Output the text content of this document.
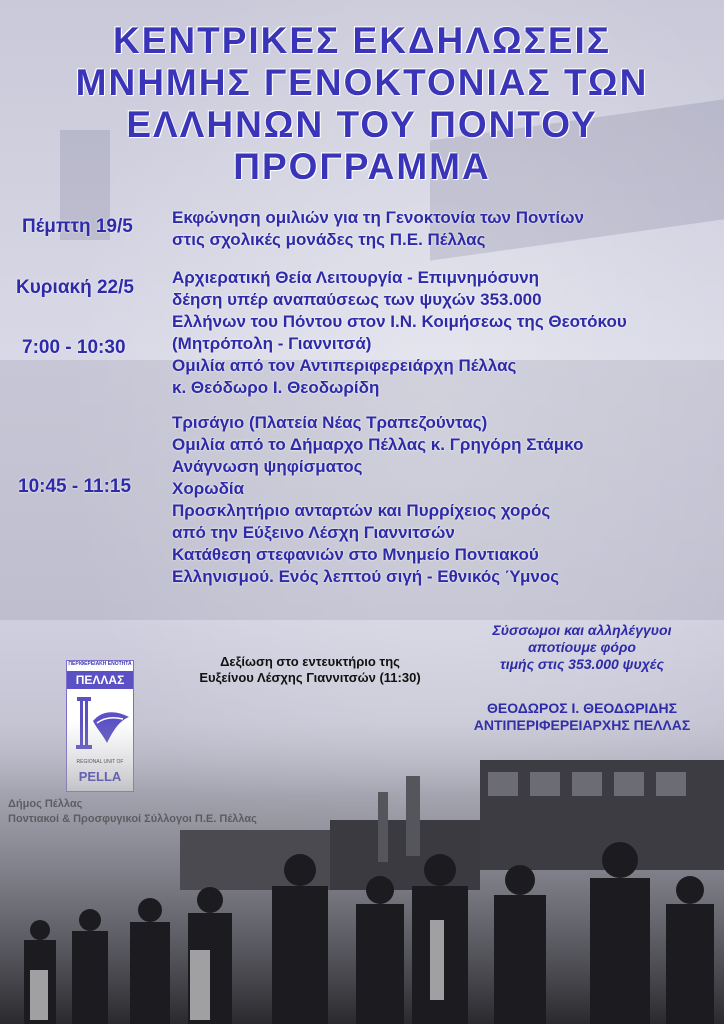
ΚΕΝΤΡΙΚΕΣ ΕΚΔΗΛΩΣΕΙΣ
ΜΝΗΜΗΣ ΓΕΝΟΚΤΟΝΙΑΣ ΤΩΝ
ΕΛΛΗΝΩΝ ΤΟΥ ΠΟΝΤΟΥ
ΠΡΟΓΡΑΜΜΑ
Πέμπτη 19/5 Εκφώνηση ομιλιών για τη Γενοκτονία των Ποντίων
στις σχολικές μονάδες της Π.Ε. Πέλλας
Κυριακή 22/5
7:00 - 10:30
Αρχιερατική Θεία Λειτουργία - Επιμνημόσυνη
δέηση υπέρ αναπαύσεως των ψυχών 353.000
Ελλήνων του Πόντου στον Ι.Ν. Κοιμήσεως της Θεοτόκου
(Μητρόπολη - Γιαννιτσά)
Ομιλία από τον Αντιπεριφερειάρχη Πέλλας
κ. Θεόδωρο Ι. Θεοδωρίδη
10:45 - 11:15
Τρισάγιο (Πλατεία Νέας Τραπεζούντας)
Ομιλία από το Δήμαρχο Πέλλας κ. Γρηγόρη Στάμκο
Ανάγνωση ψηφίσματος
Χορωδία
Προσκλητήριο ανταρτών και Πυρρίχειος χορός
από την Εύξεινο Λέσχη Γιαννιτσών
Κατάθεση στεφανιών στο Μνημείο Ποντιακού
Ελληνισμού. Ενός λεπτού σιγή - Εθνικός Ύμνος
Σύσσωμοι και αλληλέγγυοι
αποτίουμε φόρο
τιμής στις 353.000 ψυχές
Δεξίωση στο εντευκτήριο της
Ευξείνου Λέσχης Γιαννιτσών (11:30)
ΘΕΟΔΩΡΟΣ Ι. ΘΕΟΔΩΡΙΔΗΣ
ΠΕΡΙΦΕΡΕΙΑΚΗ ΕΝΟΤΗΤΑ
ΠΕΛΛΑΣ
